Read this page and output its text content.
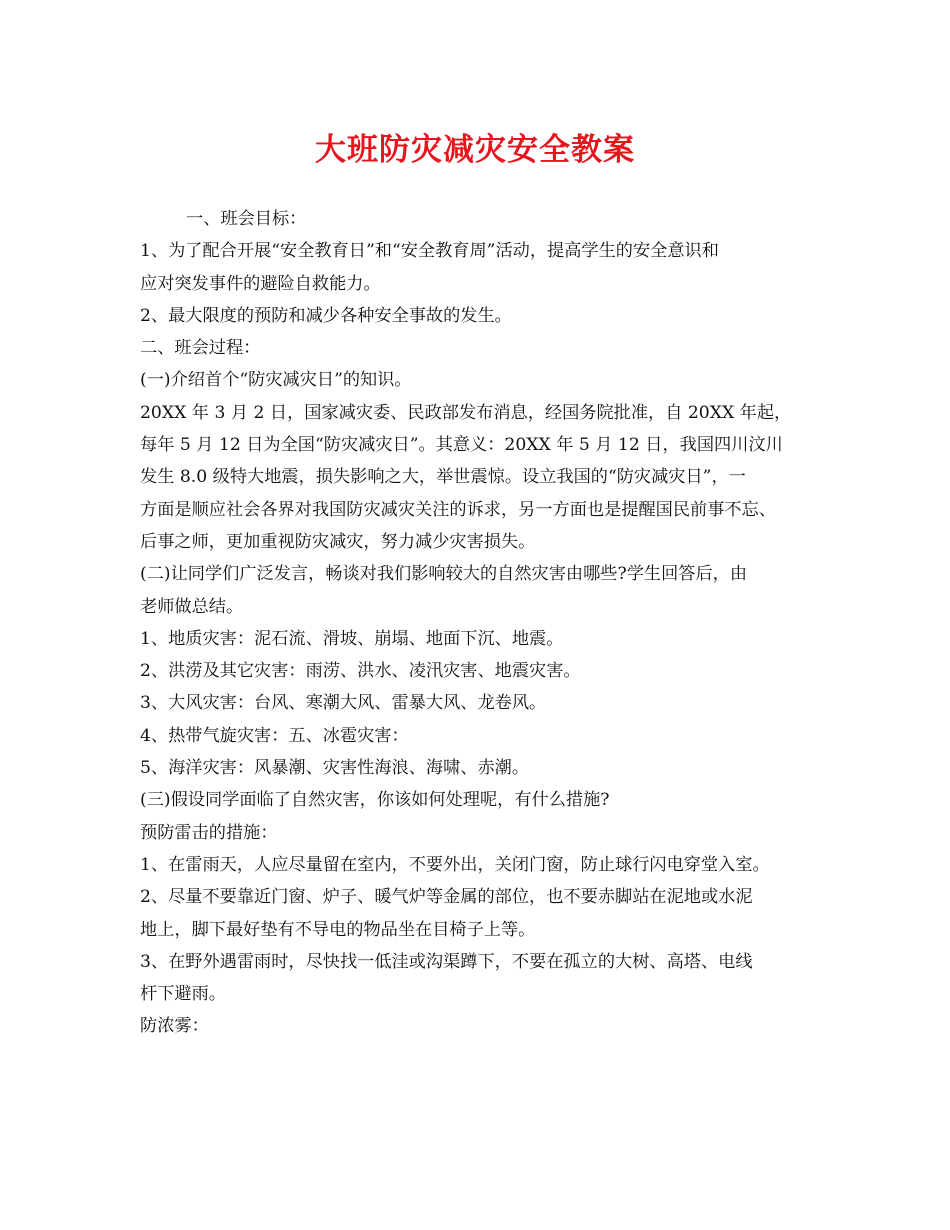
大班防灾减灾安全教案
一、班会目标：
1、为了配合开展“安全教育日”和“安全教育周”活动，提高学生的安全意识和
应对突发事件的避险自救能力。
2、最大限度的预防和减少各种安全事故的发生。
二、班会过程：
(一)介绍首个“防灾减灾日”的知识。
20XX 年 3 月 2 日，国家减灾委、民政部发布消息，经国务院批准，自 20XX 年起，
每年 5 月 12 日为全国“防灾减灾日”。其意义：20XX 年 5 月 12 日，我国四川汶川
发生 8.0 级特大地震，损失影响之大，举世震惊。设立我国的“防灾减灾日”，一
方面是顺应社会各界对我国防灾减灾关注的诉求，另一方面也是提醒国民前事不忘、
后事之师，更加重视防灾减灾，努力减少灾害损失。
(二)让同学们广泛发言，畅谈对我们影响较大的自然灾害由哪些?学生回答后，由
老师做总结。
1、地质灾害：泥石流、滑坡、崩塌、地面下沉、地震。
2、洪涝及其它灾害：雨涝、洪水、凌汛灾害、地震灾害。
3、大风灾害：台风、寒潮大风、雷暴大风、龙卷风。
4、热带气旋灾害：五、冰雹灾害：
5、海洋灾害：风暴潮、灾害性海浪、海啸、赤潮。
(三)假设同学面临了自然灾害，你该如何处理呢，有什么措施?
预防雷击的措施：
1、在雷雨天，人应尽量留在室内，不要外出，关闭门窗，防止球行闪电穿堂入室。
2、尽量不要靠近门窗、炉子、暖气炉等金属的部位，也不要赤脚站在泥地或水泥
地上，脚下最好垫有不导电的物品坐在目椅子上等。
3、在野外遇雷雨时，尽快找一低洼或沟渠蹲下，不要在孤立的大树、高塔、电线
杆下避雨。
防浓雾：
